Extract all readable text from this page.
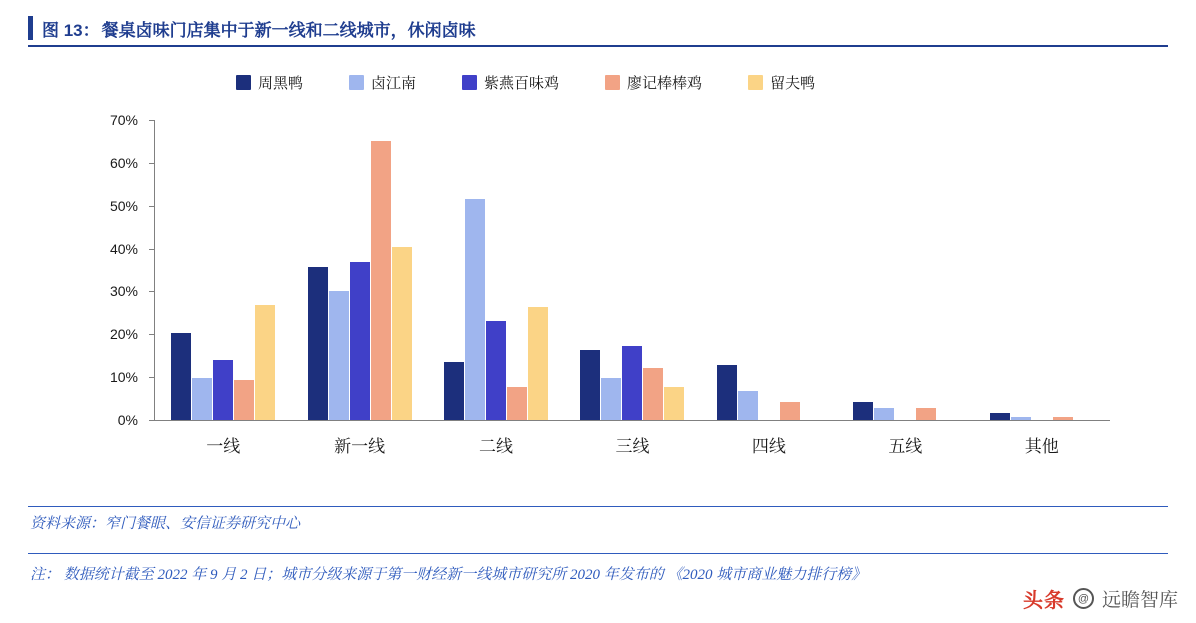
图 13： 餐桌卤味门店集中于新一线和二线城市，休闲卤味
周黑鸭	卤江南	紫燕百味鸡	廖记棒棒鸡	留夫鸭
0%
10%
20%
30%
40%
50%
60%
70%
一线	新一线	二线	三线	四线	五线	其他
资料来源：窄门餐眼、安信证券研究中心
注： 数据统计截至 2022 年 9 月 2 日；城市分级来源于第一财经新一线城市研究所 2020 年发布的 《2020 城市商业魅力排行榜》
头条	@ 远瞻智库
